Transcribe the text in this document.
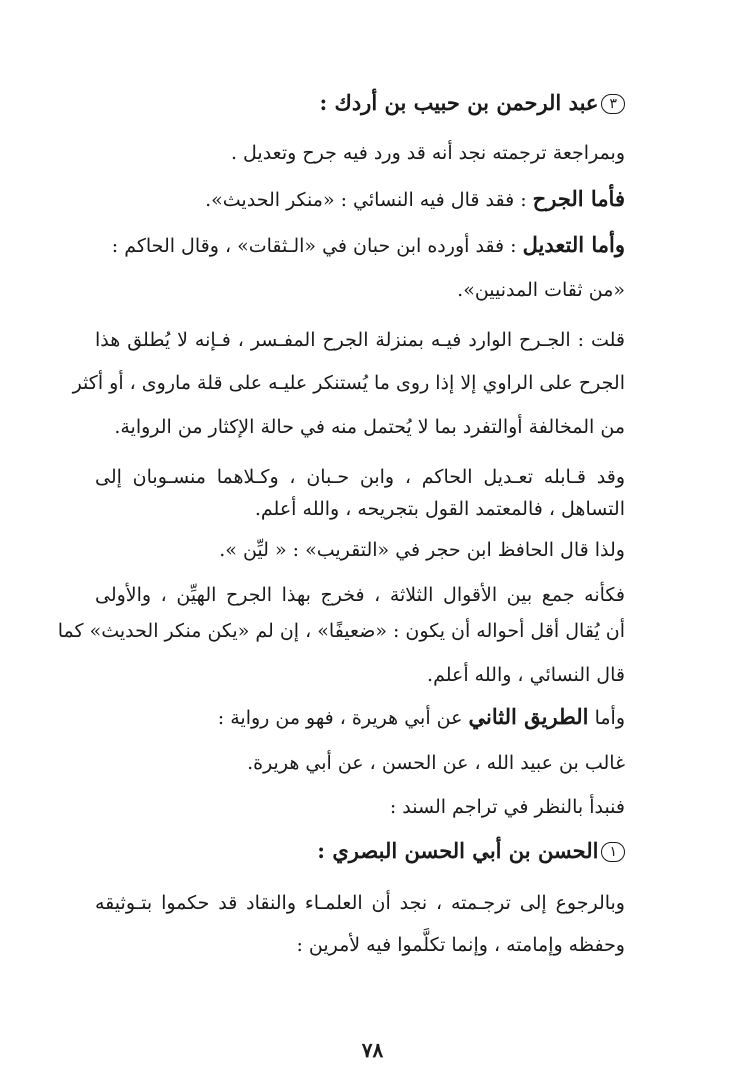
٣عبد الرحمن بن حبيب بن أردك :
وبمراجعة ترجمته نجد أنه قد ورد فيه جرح وتعديل .
فأما الجرح : فقد قال فيه النسائي : «منكر الحديث».
وأما التعديل : فقد أورده ابن حبان في «الـثقات» ، وقال الحاكم :
«من ثقات المدنيين».
قلت : الجـرح الوارد فيـه بمنزلة الجرح المفـسر ، فـإنه لا يُطلق هذا
الجرح على الراوي إلا إذا روى ما يُستنكر عليـه على قلة ماروى ، أو أكثر
من المخالفة أوالتفرد بما لا يُحتمل منه في حالة الإكثار من الرواية.
وقد قـابله تعـديل الحاكم ، وابن حـبان ، وكـلاهما منسـوبان إلى
التساهل ، فالمعتمد القول بتجريحه ، والله أعلم.
ولذا قال الحافظ ابن حجر في «التقريب» : « ليِّن ».
فكأنه جمع بين الأقوال الثلاثة ، فخرج بهذا الجرح الهيِّن ، والأولى
أن يُقال أقل أحواله أن يكون : «ضعيفًا» ، إن لم «يكن منكر الحديث» كما
قال النسائي ، والله أعلم.
وأما الطريق الثاني عن أبي هريرة ، فهو من رواية :
غالب بن عبيد الله ، عن الحسن ، عن أبي هريرة.
فنبدأ بالنظر في تراجم السند :
١الحسن بن أبي الحسن البصري :
وبالرجوع إلى ترجـمته ، نجد أن العلمـاء والنقاد قد حكموا بتـوثيقه
وحفظه وإمامته ، وإنما تكلَّموا فيه لأمرين :
٧٨
